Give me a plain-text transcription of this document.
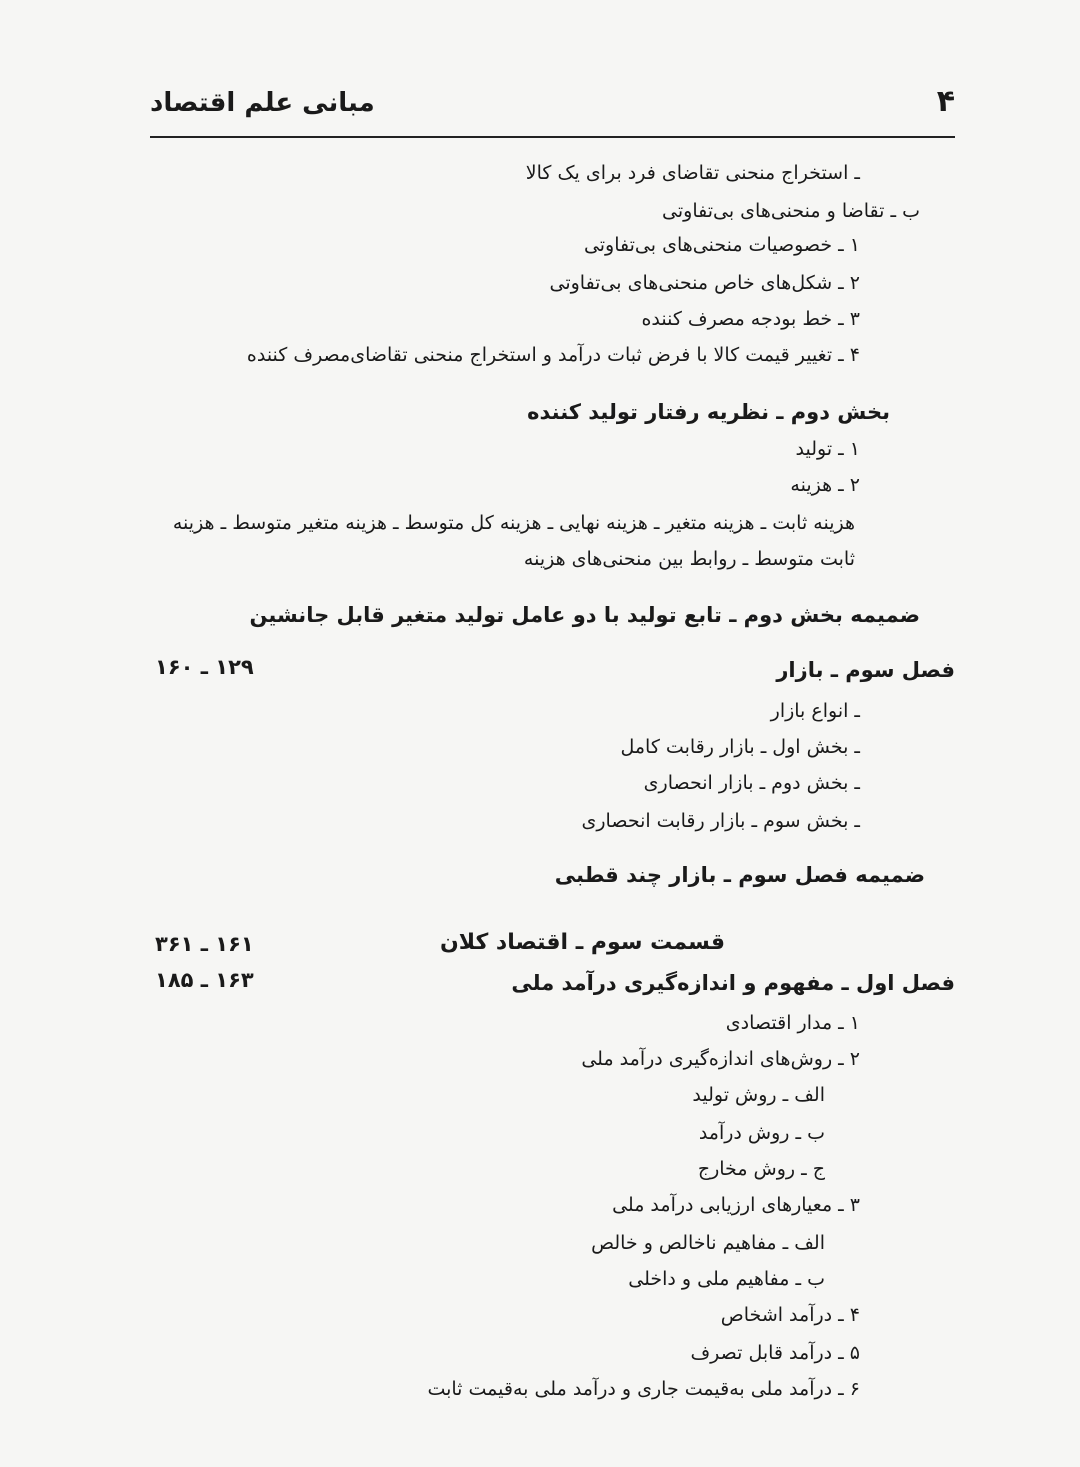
مبانی علم اقتصاد	۴
ـ استخراج منحنی تقاضای فرد برای یک کالا
ب ـ تقاضا و منحنی‌های بی‌تفاوتی
۱ ـ خصوصیات منحنی‌های بی‌تفاوتی
۲ ـ شکل‌های خاص منحنی‌های بی‌تفاوتی
۳ ـ خط بودجه مصرف کننده
۴ ـ تغییر قیمت کالا با فرض ثبات درآمد و استخراج منحنی تقاضای‌مصرف کننده
بخش دوم ـ نظریه رفتار تولید کننده
۱ ـ تولید
۲ ـ هزینه
هزینه ثابت ـ هزینه متغیر ـ هزینه نهایی ـ هزینه کل متوسط ـ هزینه متغیر متوسط ـ هزینه
ثابت متوسط ـ روابط بین منحنی‌های هزینه
ضمیمه بخش دوم ـ تابع تولید با دو عامل تولید متغیر قابل جانشین
فصل سوم ـ بازار
ـ انواع بازار
ـ بخش اول ـ بازار رقابت کامل
ـ بخش دوم ـ بازار انحصاری
ـ بخش سوم ـ بازار رقابت انحصاری
ضمیمه فصل سوم ـ بازار چند قطبی
فصل اول ـ مفهوم و اندازه‌گیری درآمد ملی
۱ ـ مدار اقتصادی
۲ ـ روش‌های اندازه‌گیری درآمد ملی
الف ـ روش تولید
ب ـ روش درآمد
ج ـ روش مخارج
۳ ـ معیارهای ارزیابی درآمد ملی
الف ـ مفاهیم ناخالص و خالص
ب ـ مفاهیم ملی و داخلی
۴ ـ درآمد اشخاص
۵ ـ درآمد قابل تصرف
۶ ـ درآمد ملی به‌قیمت جاری و درآمد ملی به‌قیمت ثابت
قسمت سوم ـ اقتصاد کلان
۱۲۹ ـ ۱۶۰
۱۶۱ ـ ۳۶۱
۱۶۳ ـ ۱۸۵
